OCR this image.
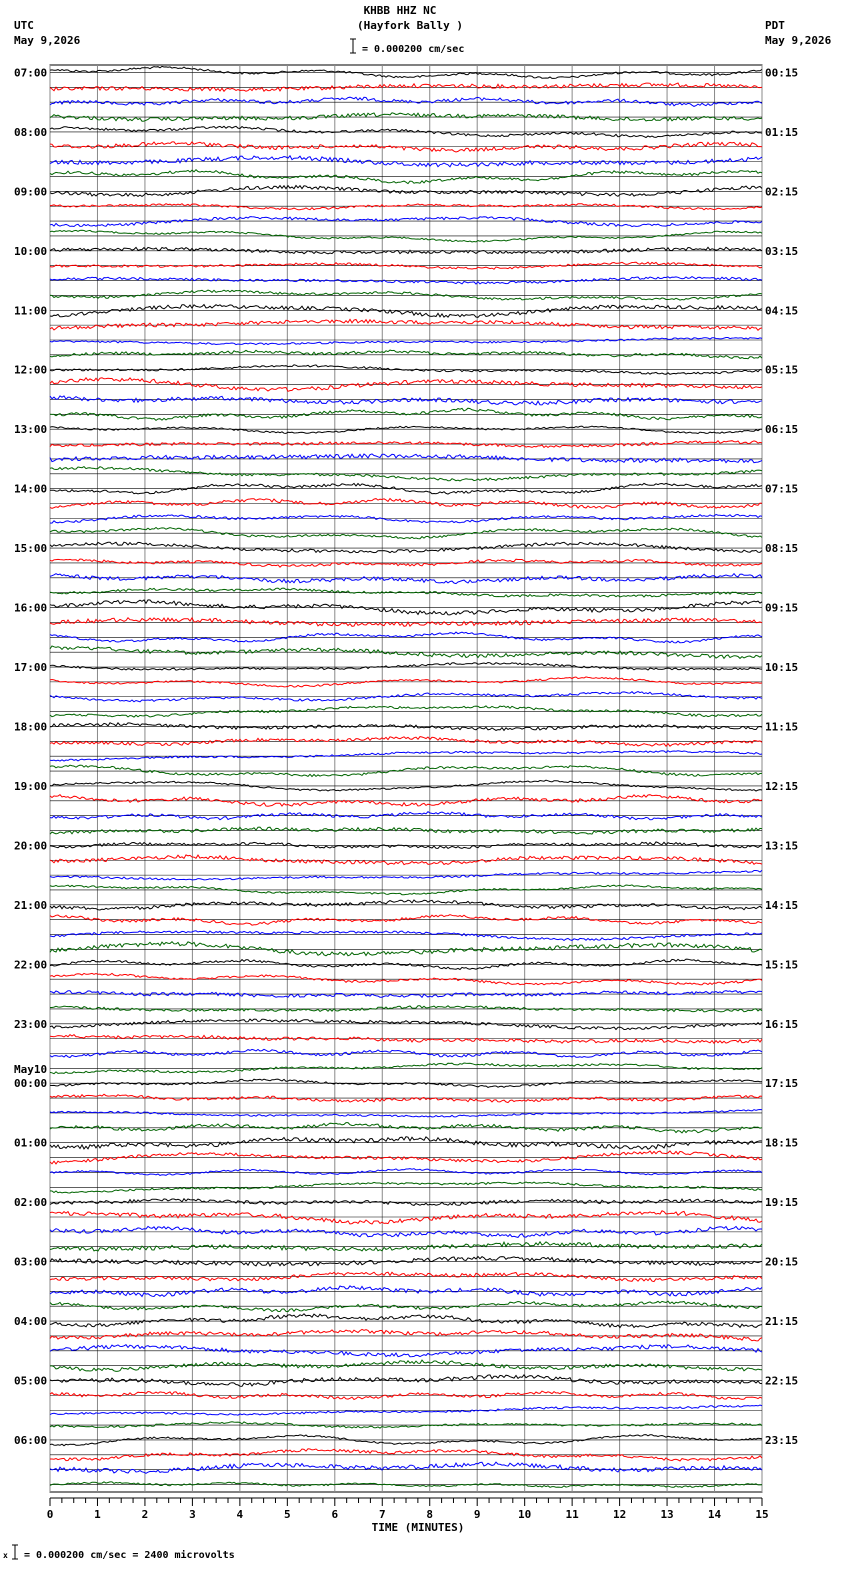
KHBB HHZ NC
(Hayfork Bally )
UTC
May 9,2026
PDT
May 9,2026
= 0.000200 cm/sec
x = 0.000200 cm/sec = 2400 microvolts
0	1	2	3	4	5	6	7	8	9	10	11	12	13	14	15
TIME (MINUTES)
07:00	00:15
08:00	01:15
09:00	02:15
10:00	03:15
11:00	04:15
12:00	05:15
13:00	06:15
14:00	07:15
15:00	08:15
16:00	09:15
17:00	10:15
18:00	11:15
19:00	12:15
20:00	13:15
21:00	14:15
22:00	15:15
23:00	16:15
00:00	17:15
May10
01:00	18:15
02:00	19:15
03:00	20:15
04:00	21:15
05:00	22:15
06:00	23:15
